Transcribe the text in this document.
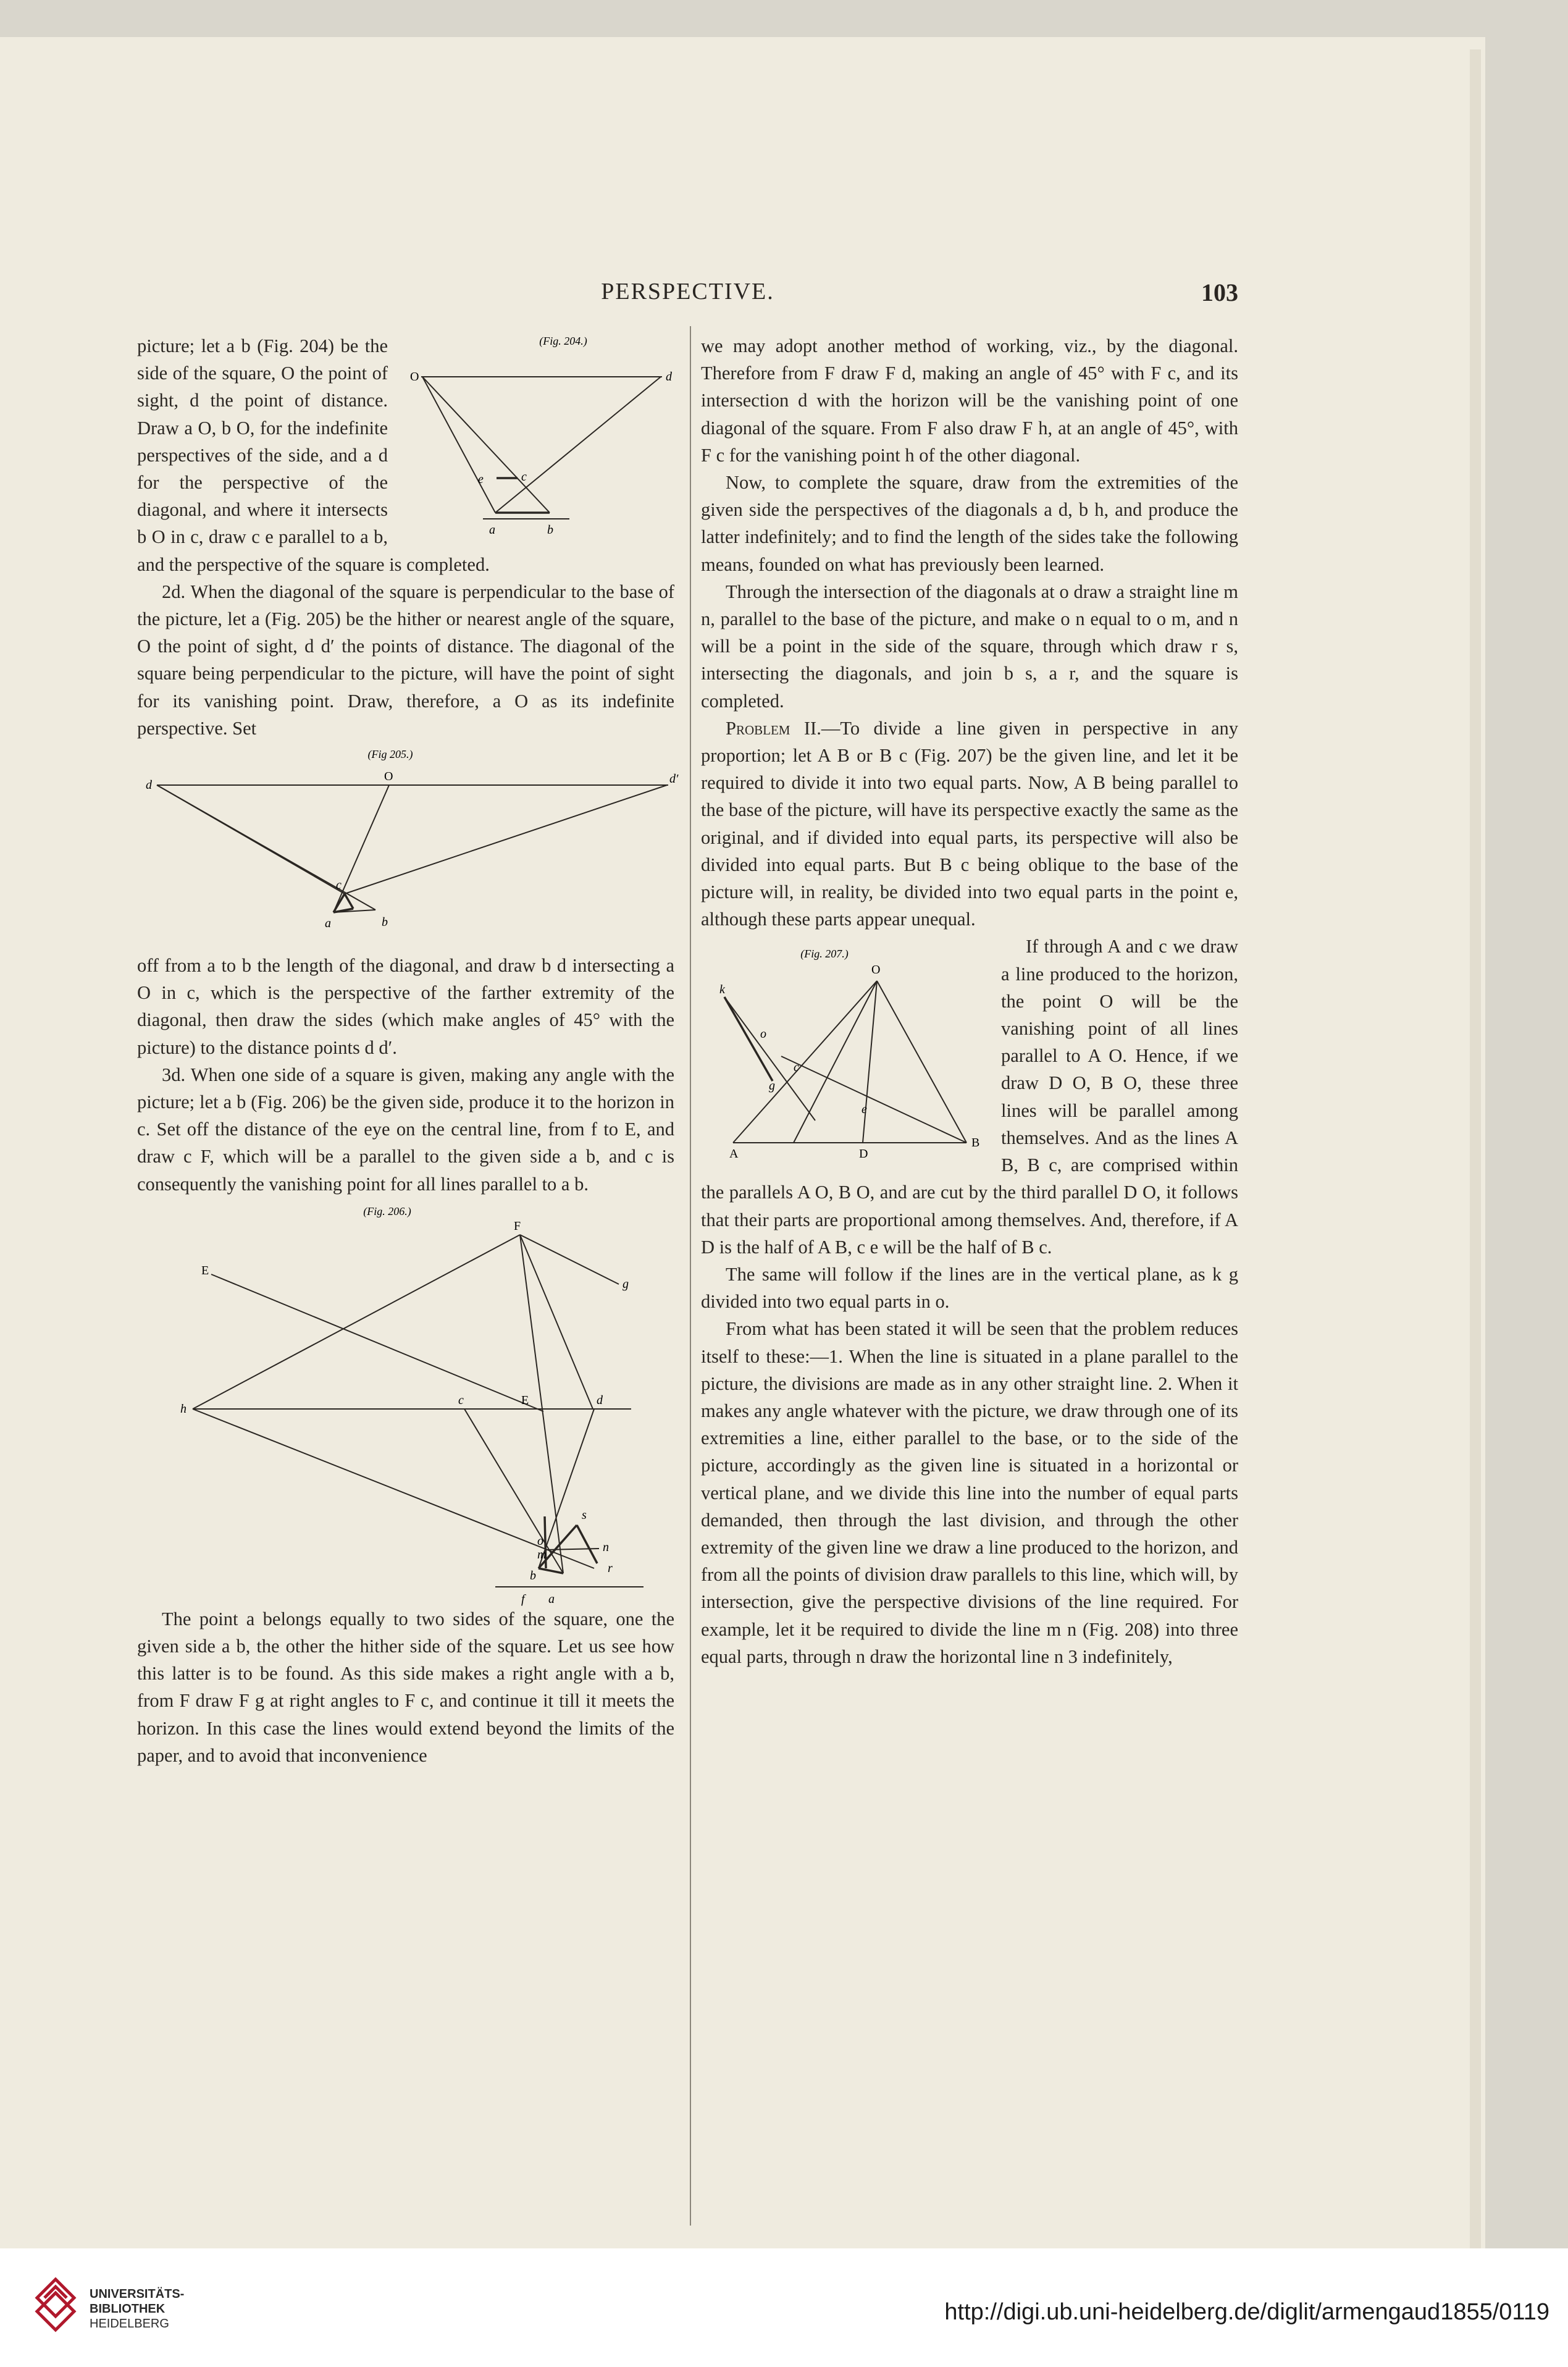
PERSPECTIVE.	103
(Fig. 204.)
O	d
e	c
a	b

picture; let a b (Fig. 204) be the side of the square, O the point of sight, d the point of distance. Draw a O, b O, for the indefinite perspectives of the side, and a d for the perspective of the diagonal, and where it intersects b O in c, draw c e parallel to a b, and the perspective of the square is completed.

2d. When the diagonal of the square is perpendicular to the base of the picture, let a (Fig. 205) be the hither or nearest angle of the square, O the point of sight, d d′ the points of distance. The diagonal of the square being perpendicular to the picture, will have the point of sight for its vanishing point. Draw, therefore, a O as its indefinite perspective. Set

(Fig 205.)
d
O	d′
c
a	b

off from a to b the length of the diagonal, and draw b d intersecting a O in c, which is the perspective of the farther extremity of the diagonal, then draw the sides (which make angles of 45° with the picture) to the distance points d d′.

3d. When one side of a square is given, making any angle with the picture; let a b (Fig. 206) be the given side, produce it to the horizon in c. Set off the distance of the eye on the central line, from f to E, and draw c F, which will be a parallel to the given side a b, and c is consequently the vanishing point for all lines parallel to a b.

(Fig. 206.)
F
E
g
h
c	E	d
s
o
m
n
r
b
f a

The point a belongs equally to two sides of the square, one the given side a b, the other the hither side of the square. Let us see how this latter is to be found. As this side makes a right angle with a b, from F draw F g at right angles to F c, and continue it till it meets the horizon. In this case the lines would extend beyond the limits of the paper, and to avoid that inconvenience

we may adopt another method of working, viz., by the diagonal. Therefore from F draw F d, making an angle of 45° with F c, and its intersection d with the horizon will be the vanishing point of one diagonal of the square. From F also draw F h, at an angle of 45°, with F c for the vanishing point h of the other diagonal.

Now, to complete the square, draw from the extremities of the given side the perspectives of the diagonals a d, b h, and produce the latter indefinitely; and to find the length of the sides take the following means, founded on what has previously been learned.

Through the intersection of the diagonals at o draw a straight line m n, parallel to the base of the picture, and make o n equal to o m, and n will be a point in the side of the square, through which draw r s, intersecting the diagonals, and join b s, a r, and the square is completed.

Problem II.—To divide a line given in perspective in any proportion; let A B or B c (Fig. 207) be the given line, and let it be required to divide it into two equal parts. Now, A B being parallel to the base of the picture, will have its perspective exactly the same as the original, and if divided into equal parts, its perspective will also be divided into equal parts. But B c being oblique to the base of the picture will, in reality, be divided into two equal parts in the point e, although these parts appear unequal.

(Fig. 207.)
k
O
o
c
g
e
A	D
B

If through A and c we draw a line produced to the horizon, the point O will be the vanishing point of all lines parallel to A O. Hence, if we draw D O, B O, these three lines will be parallel among themselves. And as the lines A B, B c, are comprised within the parallels A O, B O, and are cut by the third parallel D O, it follows that their parts are proportional among themselves. And, therefore, if A D is the half of A B, c e will be the half of B c.

The same will follow if the lines are in the vertical plane, as k g divided into two equal parts in o.

From what has been stated it will be seen that the problem reduces itself to these:—1. When the line is situated in a plane parallel to the picture, the divisions are made as in any other straight line. 2. When it makes any angle whatever with the picture, we draw through one of its extremities a line, either parallel to the base, or to the side of the picture, accordingly as the given line is situated in a horizontal or vertical plane, and we divide this line into the number of equal parts demanded, then through the last division, and through the other extremity of the given line we draw a line produced to the horizon, and from all the points of division draw parallels to this line, which will, by intersection, give the perspective divisions of the line required. For example, let it be required to divide the line m n (Fig. 208) into three equal parts, through n draw the horizontal line n 3 indefinitely,

UNIVERSITÄTS-
BIBLIOTHEK
HEIDELBERG	http://digi.ub.uni-heidelberg.de/diglit/armengaud1855/0119
